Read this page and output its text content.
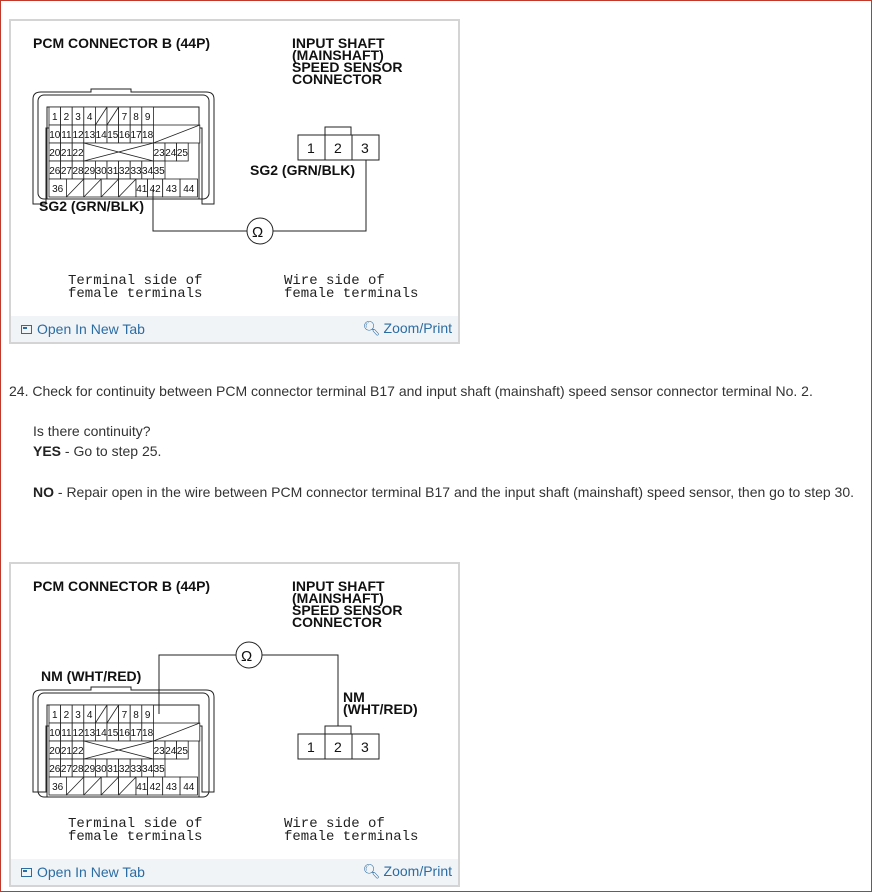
PCM CONNECTOR B (44P)	INPUT SHAFT
(MAINSHAFT)
SPEED SENSOR
CONNECTOR
1 2 3 4	7 8 9
10 11 12 13 14 15 16 17 18
20 21 22	23 24 25
26 27 28 29 30 31 32 33 34 35
36	41 42 43 44
SG2 (GRN/BLK)
1 2 3
SG2 (GRN/BLK)
Ω
Terminal side of
female terminals
Wire side of
female terminals
Open In New Tab	🔍︎ Zoom/Print
24. Check for continuity between PCM connector terminal B17 and input shaft (mainshaft) speed sensor connector terminal No. 2.
Is there continuity?
YES - Go to step 25.
NO - Repair open in the wire between PCM connector terminal B17 and the input shaft (mainshaft) speed sensor, then go to step 30.
PCM CONNECTOR B (44P)	INPUT SHAFT
(MAINSHAFT)
SPEED SENSOR
CONNECTOR
NM (WHT/RED)
1 2 3 4	7 8 9
10 11 12 13 14 15 16 17 18
20 21 22	23 24 25
26 27 28 29 30 31 32 33 34 35
36	41 42 43 44
Ω
NM
(WHT/RED)
1 2 3
Terminal side of
female terminals
Wire side of
female terminals
Open In New Tab	🔍︎ Zoom/Print
